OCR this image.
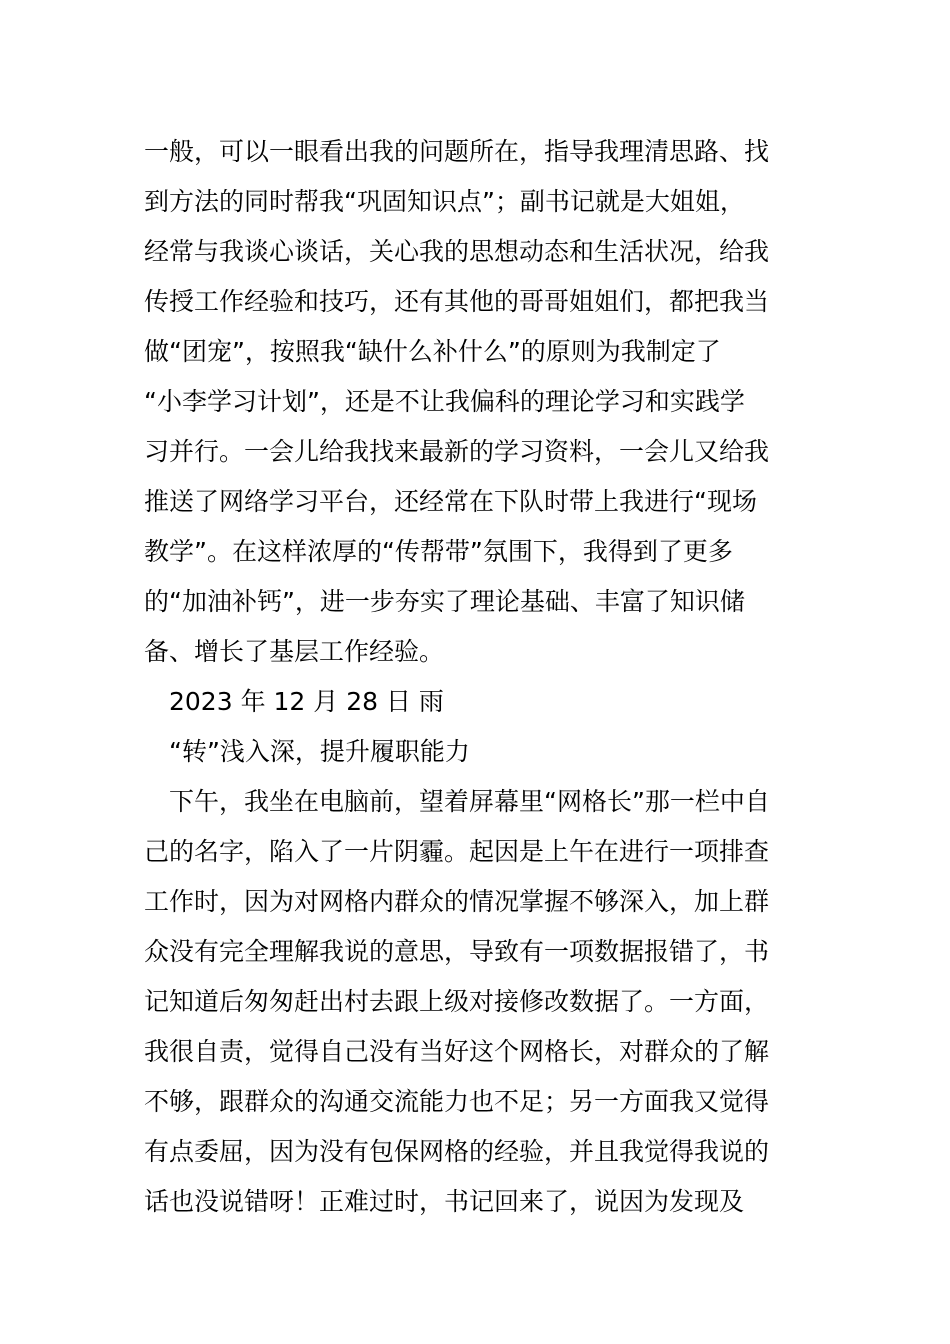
一般，可以一眼看出我的问题所在，指导我理清思路、找
到方法的同时帮我“巩固知识点”；副书记就是大姐姐，
经常与我谈心谈话，关心我的思想动态和生活状况，给我
传授工作经验和技巧，还有其他的哥哥姐姐们，都把我当
做“团宠”，按照我“缺什么补什么”的原则为我制定了
“小李学习计划”，还是不让我偏科的理论学习和实践学
习并行。一会儿给我找来最新的学习资料，一会儿又给我
推送了网络学习平台，还经常在下队时带上我进行“现场
教学”。在这样浓厚的“传帮带”氛围下，我得到了更多
的“加油补钙”，进一步夯实了理论基础、丰富了知识储
备、增长了基层工作经验。
2023 年 12 月 28 日 雨
“转”浅入深，提升履职能力
下午，我坐在电脑前，望着屏幕里“网格长”那一栏中自
己的名字，陷入了一片阴霾。起因是上午在进行一项排查
工作时，因为对网格内群众的情况掌握不够深入，加上群
众没有完全理解我说的意思，导致有一项数据报错了，书
记知道后匆匆赶出村去跟上级对接修改数据了。一方面，
我很自责，觉得自己没有当好这个网格长，对群众的了解
不够，跟群众的沟通交流能力也不足；另一方面我又觉得
有点委屈，因为没有包保网格的经验，并且我觉得我说的
话也没说错呀！正难过时，书记回来了，说因为发现及
